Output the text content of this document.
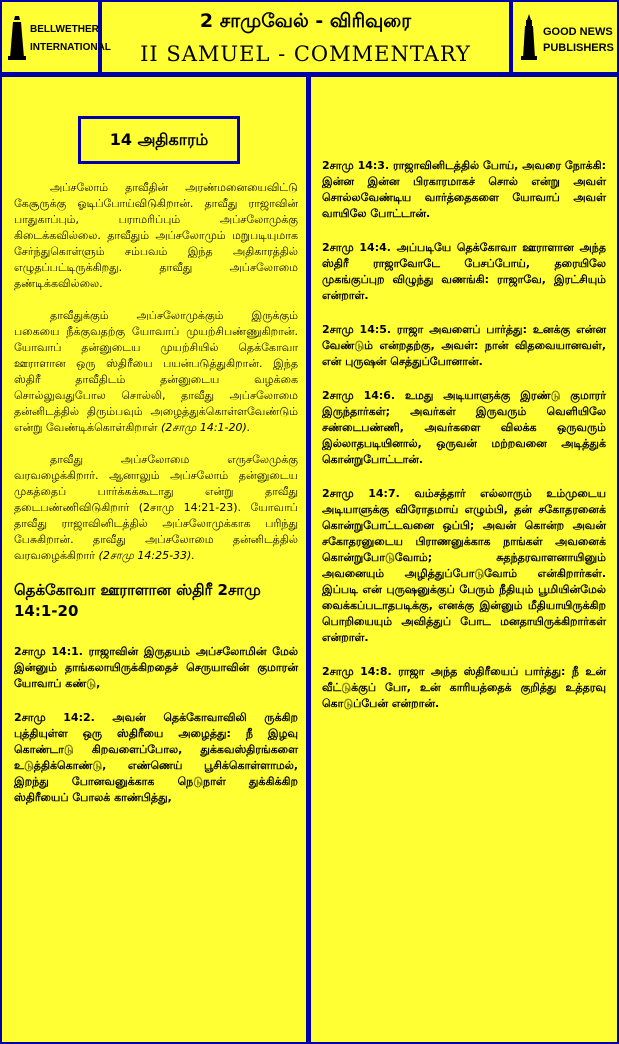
BELLWETHER
INTERNATIONAL
2 சாமுவேல் - விரிவுரை
II SAMUEL - COMMENTARY
GOOD NEWS
PUBLISHERS
14 அதிகாரம்

அப்சலோம் தாவீதின் அரண்மனையைவிட்டு கேசூருக்கு ஓடிப்போய்விடுகிறான். தாவீது ராஜாவின் பாதுகாப்பும், பராமரிப்பும் அப்சலோமுக்கு கிடைக்கவில்லை. தாவீதும் அப்சலோமும் மறுபடியுமாக சேர்ந்துகொள்ளும் சம்பவம் இந்த அதிகாரத்தில் எழுதப்பட்டிருக்கிறது. தாவீது அப்சலோமை தண்டிக்கவில்லை.

தாவீதுக்கும் அப்சலோமுக்கும் இருக்கும் பகையை நீக்குவதற்கு யோவாப் முயற்சிபண்ணுகிறான். யோவாப் தன்னுடைய முயற்சியில் தெக்கோவா ஊராளான ஒரு ஸ்திரீயை பயன்படுத்துகிறான். இந்த ஸ்திரீ தாவீதிடம் தன்னுடைய வழக்கை சொல்லுவதுபோல சொல்லி, தாவீது அப்சலோமை தன்னிடத்தில் திரும்பவும் அழைத்துக்கொள்ளவேண்டும் என்று வேண்டிக்கொள்கிறாள் (2சாமு 14:1-20).

தாவீது அப்சலோமை எருசலேமுக்கு வரவழைக்கிறார். ஆனாலும் அப்சலோம் தன்னுடைய முகத்தைப் பார்க்கக்கூடாது என்று தாவீது தடைபண்ணிவிடுகிறார் (2சாமு 14:21-23). யோவாப் தாவீது ராஜாவினிடத்தில் அப்சலோமுக்காக பரிந்து பேசுகிறான். தாவீது அப்சலோமை தன்னிடத்தில் வரவழைக்கிறார் (2சாமு 14:25-33).

தெக்கோவா ஊராளான ஸ்திரீ 2சாமு 14:1-20

2சாமு 14:1. ராஜாவின் இருதயம் அப்சலோமின் மேல் இன்னும் தாங்கலாயிருக்கிறதைச் செருயாவின் குமாரன் யோவாப் கண்டு,

2சாமு 14:2. அவன் தெக்கோவாவிலி ருக்கிற புத்தியுள்ள ஒரு ஸ்திரீயை அழைத்து: நீ இழவு கொண்டாடு கிறவளைப்போல, துக்கவஸ்திரங்களை உடுத்திக்கொண்டு, எண்ணெய் பூசிக்கொள்ளாமல், இறந்து போனவனுக்காக நெடுநாள் துக்கிக்கிற ஸ்திரீயைப் போலக் காண்பித்து,

2சாமு 14:3. ராஜாவினிடத்தில் போய், அவரை நோக்கி: இன்ன இன்ன பிரகாரமாகச் சொல் என்று அவள் சொல்லவேண்டிய வார்த்தைகளை யோவாப் அவள் வாயிலே போட்டான்.

2சாமு 14:4. அப்படியே தெக்கோவா ஊராளான அந்த ஸ்திரீ ராஜாவோடே பேசப்போய், தரையிலே முகங்குப்புற விழுந்து வணங்கி: ராஜாவே, இரட்சியும் என்றாள்.

2சாமு 14:5. ராஜா அவளைப் பார்த்து: உனக்கு என்ன வேண்டும் என்றதற்கு, அவள்: நான் விதவையானவள், என் புருஷன் செத்துப்போனான்.

2சாமு 14:6. உமது அடியாளுக்கு இரண்டு குமாரர் இருந்தார்கள்; அவர்கள் இருவரும் வெளியிலே சண்டைபண்ணி, அவர்களை விலக்க ஒருவரும் இல்லாதபடியினால், ஒருவன் மற்றவனை அடித்துக் கொன்றுபோட்டான்.

2சாமு 14:7. வம்சத்தார் எல்லாரும் உம்முடைய அடியாளுக்கு விரோதமாய் எழும்பி, தன் சகோதரனைக் கொன்றுபோட்டவனை ஒப்பி; அவன் கொன்ற அவன் சகோதரனுடைய பிராணனுக்காக நாங்கள் அவனைக் கொன்றுபோடுவோம்; சுதந்தரவாளனாயினும் அவனையும் அழித்துப்போடுவோம் என்கிறார்கள். இப்படி என் புருஷனுக்குப் பேரும் நீதியும் பூமியின்மேல் வைக்கப்படாதபடிக்கு, எனக்கு இன்னும் மீதியாயிருக்கிற பொறியையும் அவித்துப் போட மனதாயிருக்கிறார்கள் என்றாள்.

2சாமு 14:8. ராஜா அந்த ஸ்திரீயைப் பார்த்து: நீ உன் வீட்டுக்குப் போ, உன் காரியத்தைக் குறித்து உத்தரவு கொடுப்பேன் என்றான்.
